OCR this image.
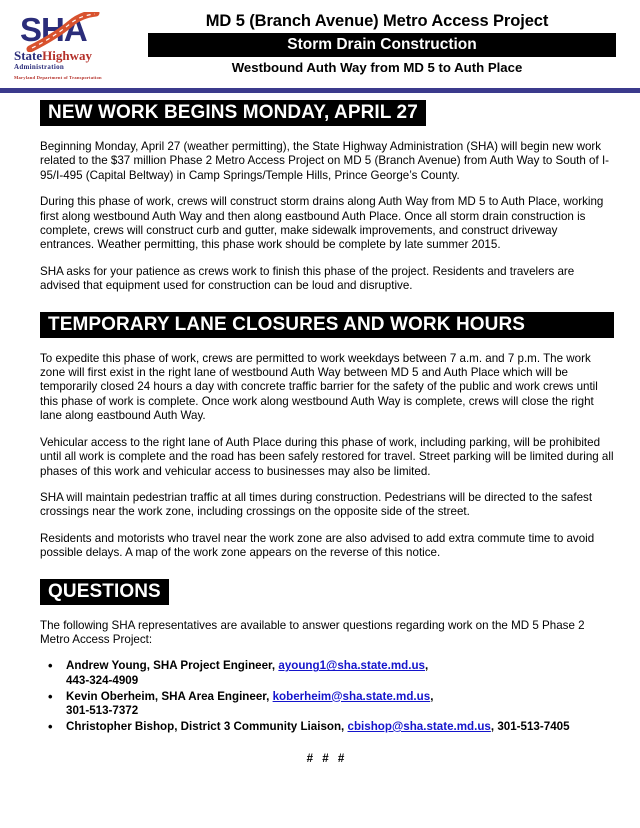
SHA
StateHighway
Administration
Maryland Department of Transportation
MD 5 (Branch Avenue) Metro Access Project
Storm Drain Construction
Westbound Auth Way from MD 5 to Auth Place
NEW WORK BEGINS MONDAY, APRIL 27

Beginning Monday, April 27 (weather permitting), the State Highway Administration (SHA) will begin new work related to the $37 million Phase 2 Metro Access Project on MD 5 (Branch Avenue) from Auth Way to South of I-95/I-495 (Capital Beltway) in Camp Springs/Temple Hills, Prince George’s County.

During this phase of work, crews will construct storm drains along Auth Way from MD 5 to Auth Place, working first along westbound Auth Way and then along eastbound Auth Place. Once all storm drain construction is complete, crews will construct curb and gutter, make sidewalk improvements, and construct driveway entrances. Weather permitting, this phase work should be complete by late summer 2015.

SHA asks for your patience as crews work to finish this phase of the project. Residents and travelers are advised that equipment used for construction can be loud and disruptive.

TEMPORARY LANE CLOSURES AND WORK HOURS

To expedite this phase of work, crews are permitted to work weekdays between 7 a.m. and 7 p.m. The work zone will first exist in the right lane of westbound Auth Way between MD 5 and Auth Place which will be temporarily closed 24 hours a day with concrete traffic barrier for the safety of the public and work crews until this phase of work is complete. Once work along westbound Auth Way is complete, crews will close the right lane along eastbound Auth Way.

Vehicular access to the right lane of Auth Place during this phase of work, including parking, will be prohibited until all work is complete and the road has been safely restored for travel. Street parking will be limited during all phases of this work and vehicular access to businesses may also be limited.

SHA will maintain pedestrian traffic at all times during construction. Pedestrians will be directed to the safest crossings near the work zone, including crossings on the opposite side of the street.

Residents and motorists who travel near the work zone are also advised to add extra commute time to avoid possible delays. A map of the work zone appears on the reverse of this notice.

QUESTIONS

The following SHA representatives are available to answer questions regarding work on the MD 5 Phase 2 Metro Access Project:

• Andrew Young, SHA Project Engineer, ayoung1@sha.state.md.us,
443-324-4909
• Kevin Oberheim, SHA Area Engineer, koberheim@sha.state.md.us,
301-513-7372
• Christopher Bishop, District 3 Community Liaison, cbishop@sha.state.md.us, 301-513-7405
# # #
